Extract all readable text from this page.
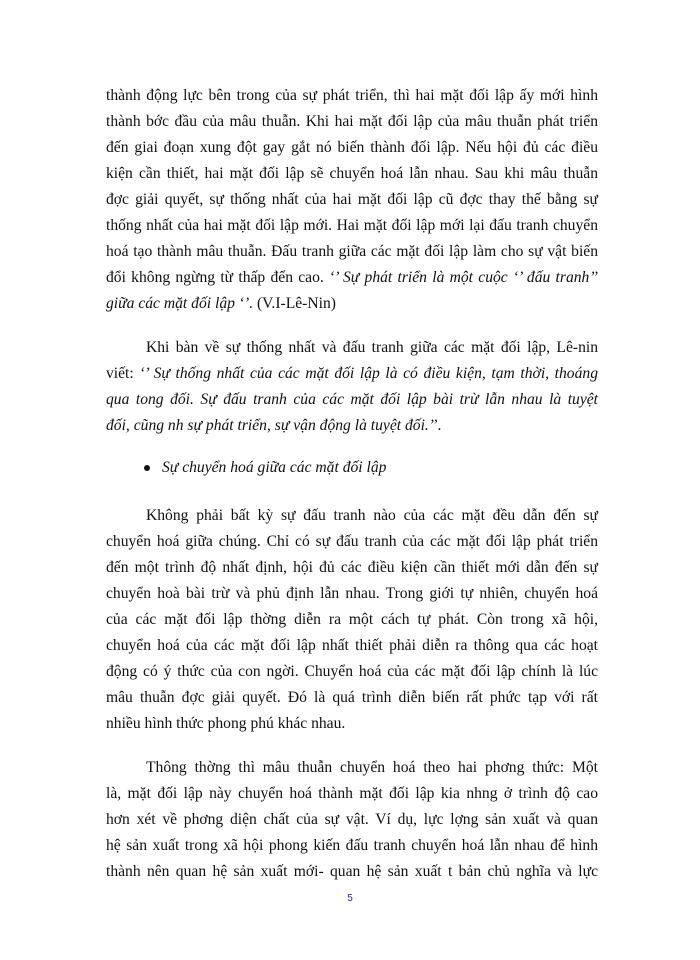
thành động lực bên trong của sự phát triển, thì hai mặt đối lập ấy mới hình
thành bớc đầu của mâu thuẫn. Khi hai mặt đối lập của mâu thuẫn phát triển
đến giai đoạn xung đột gay gắt nó biến thành đối lập. Nếu hội đủ các điều
kiện cần thiết, hai mặt đối lập sẽ chuyển hoá lẫn nhau. Sau khi mâu thuẫn
đợc giải quyết, sự thống nhất của hai mặt đối lập cũ đợc thay thế bằng sự
thống nhất của hai mặt đối lập mới. Hai mặt đối lập mới lại đấu tranh chuyển
hoá tạo thành mâu thuẫn. Đấu tranh giữa các mặt đối lập làm cho sự vật biến
đổi không ngừng từ thấp đến cao. ‘’ Sự phát triển là một cuộc ‘’ đấu tranh’’
giữa các mặt đối lập ‘’. (V.I-Lê-Nin)
Khi bàn về sự thống nhất và đấu tranh giữa các mặt đối lập, Lê-nin
viết: ‘’ Sự thống nhất của các mặt đối lập là có điều kiện, tạm thời, thoáng
qua tong đối. Sự đấu tranh của các mặt đối lập bài trừ lẫn nhau là tuyệt
đối, cũng nh sự phát triển, sự vận động là tuyệt đối.’’.
Sự chuyển hoá giữa các mặt đối lập
Không phải bất kỳ sự đấu tranh nào của các mặt đều dẫn đến sự
chuyển hoá giữa chúng. Chỉ có sự đấu tranh của các mặt đối lập phát triển
đến một trình độ nhất định, hội đủ các điều kiện cần thiết mới dẫn đến sự
chuyển hoà bài trừ và phủ định lẫn nhau. Trong giới tự nhiên, chuyển hoá
của các mặt đối lập thờng diễn ra một cách tự phát. Còn trong xã hội,
chuyển hoá của các mặt đối lập nhất thiết phải diễn ra thông qua các hoạt
động có ý thức của con ngời. Chuyển hoá của các mặt đối lập chính là lúc
mâu thuẫn đợc giải quyết. Đó là quá trình diễn biến rất phức tạp với rất
nhiều hình thức phong phú khác nhau.
Thông thờng thì mâu thuẫn chuyển hoá theo hai phơng thức: Một
là, mặt đối lập này chuyển hoá thành mặt đối lập kia nhng ở trình độ cao
hơn xét về phơng diện chất của sự vật. Ví dụ, lực lợng sản xuất và quan
hệ sản xuất trong xã hội phong kiến đấu tranh chuyển hoá lẫn nhau để hình
thành nên quan hệ sản xuất mới- quan hệ sản xuất t bản chủ nghĩa và lực
5
